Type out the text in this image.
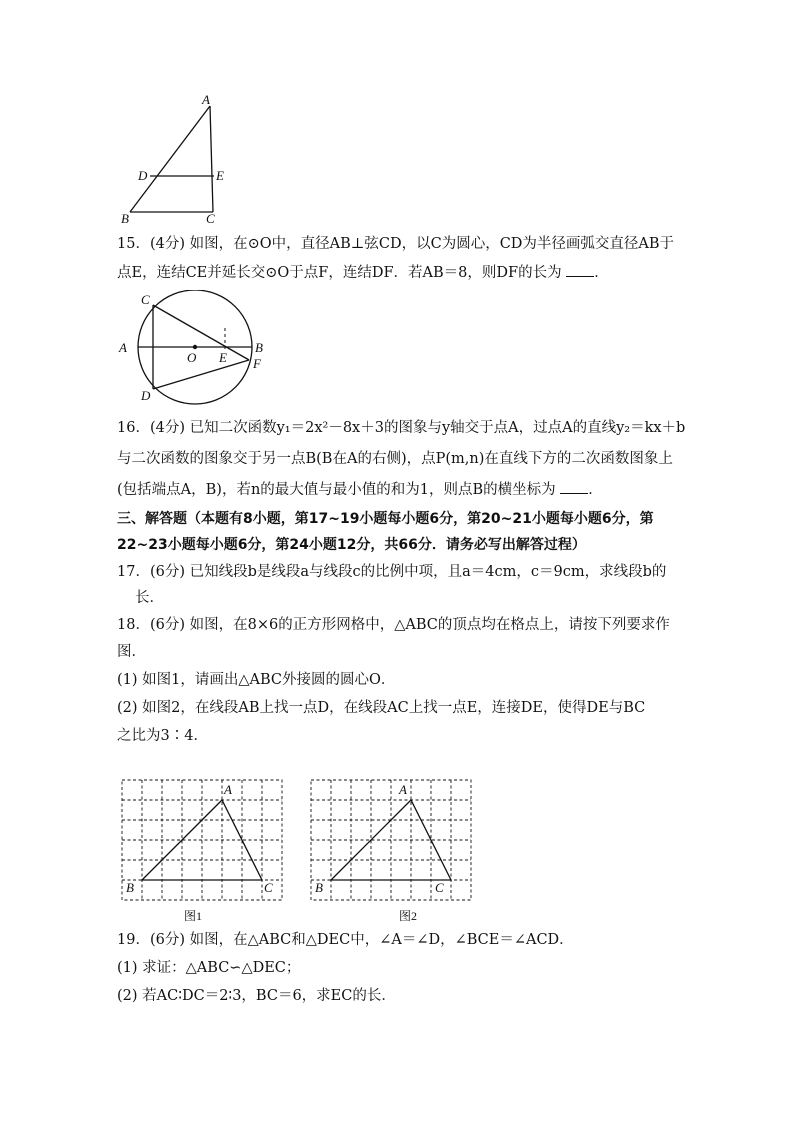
A
D	E
B	C
15．(4分) 如图，在⊙O中，直径AB⊥弦CD，以C为圆心，CD为半径画弧交直径AB于
点E，连结CE并延长交⊙O于点F，连结DF．若AB＝8，则DF的长为 ．
C
A
O E
B
F
D
16．(4分) 已知二次函数y₁＝2x²－8x＋3的图象与y轴交于点A，过点A的直线y₂＝kx＋b
与二次函数的图象交于另一点B(B在A的右侧)，点P(m,n)在直线下方的二次函数图象上
(包括端点A，B)，若n的最大值与最小值的和为1，则点B的横坐标为 ．
三、解答题（本题有8小题，第17~19小题每小题6分，第20~21小题每小题6分，第
22~23小题每小题6分，第24小题12分，共66分．请务必写出解答过程）
17．(6分) 已知线段b是线段a与线段c的比例中项，且a＝4cm，c＝9cm，求线段b的
长．
18．(6分) 如图，在8×6的正方形网格中，△ABC的顶点均在格点上，请按下列要求作
图．
(1) 如图1，请画出△ABC外接圆的圆心O．
(2) 如图2，在线段AB上找一点D，在线段AC上找一点E，连接DE，使得DE与BC
之比为3∶4．
A
B	C
图1
A
B	C
图2
19．(6分) 如图，在△ABC和△DEC中，∠A＝∠D，∠BCE＝∠ACD．
(1) 求证：△ABC∽△DEC；
(2) 若AC∶DC＝2∶3，BC＝6，求EC的长．
